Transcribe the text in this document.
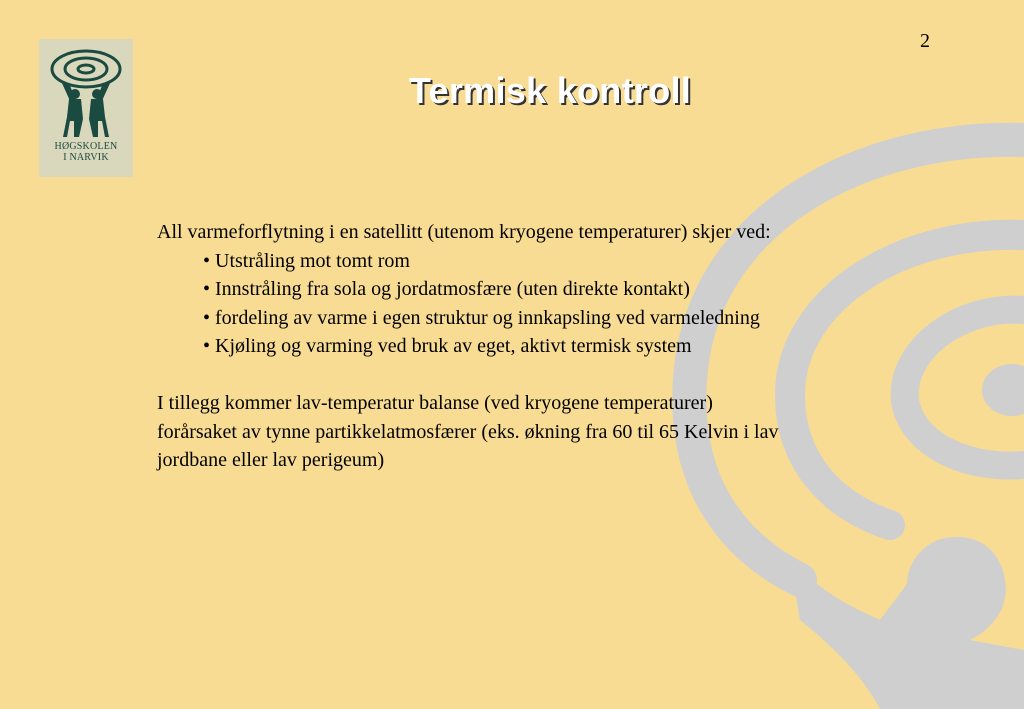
HØGSKOLEN
I NARVIK
2
Termisk kontroll

All varmeforflytning i en satellitt (utenom kryogene temperaturer) skjer ved:

• Utstråling mot tomt rom

• Innstråling fra sola og jordatmosfære (uten direkte kontakt)

• fordeling av varme i egen struktur og innkapsling ved varmeledning

• Kjøling og varming ved bruk av eget, aktivt termisk system

I tillegg kommer lav-temperatur balanse (ved kryogene temperaturer)

forårsaket av tynne partikkelatmosfærer (eks. økning fra 60 til 65 Kelvin i lav

jordbane eller lav perigeum)
